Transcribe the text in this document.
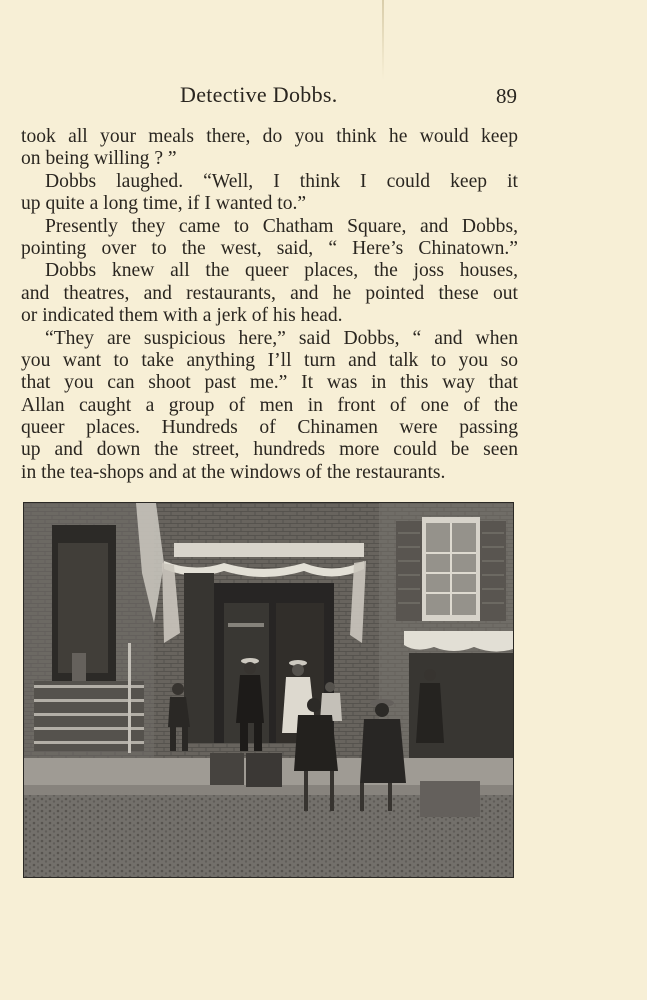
Detective Dobbs.	89
took all your meals there, do you think he would keep
on being willing ? ”
Dobbs laughed. “Well, I think I could keep it
up quite a long time, if I wanted to.”
Presently they came to Chatham Square, and Dobbs,
pointing over to the west, said, “ Here’s Chinatown.”
Dobbs knew all the queer places, the joss houses,
and theatres, and restaurants, and he pointed these out
or indicated them with a jerk of his head.
“They are suspicious here,” said Dobbs, “ and when
you want to take anything I’ll turn and talk to you so
that you can shoot past me.” It was in this way that
Allan caught a group of men in front of one of the
queer places. Hundreds of Chinamen were passing
up and down the street, hundreds more could be seen
in the tea-shops and at the windows of the restaurants.
